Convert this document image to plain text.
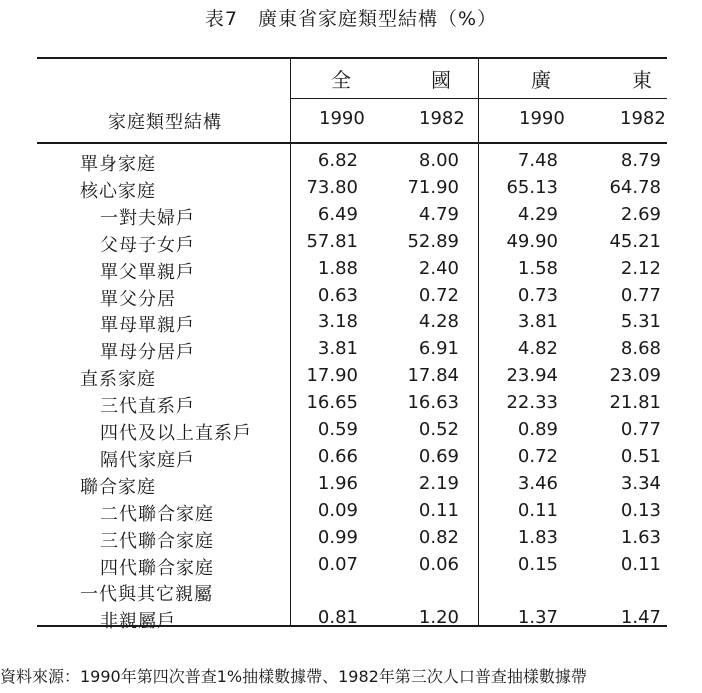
表7　廣東省家庭類型結構（%）
全	國	廣	東
家庭類型結構	1990	1982	1990	1982
單身家庭	6.82	8.00	7.48	8.79
核心家庭	73.80	71.90	65.13	64.78
一對夫婦戶	6.49	4.79	4.29	2.69
父母子女戶	57.81	52.89	49.90	45.21
單父單親戶	1.88	2.40	1.58	2.12
單父分居	0.63	0.72	0.73	0.77
單母單親戶	3.18	4.28	3.81	5.31
單母分居戶	3.81	6.91	4.82	8.68
直系家庭	17.90	17.84	23.94	23.09
三代直系戶	16.65	16.63	22.33	21.81
四代及以上直系戶	0.59	0.52	0.89	0.77
隔代家庭戶	0.66	0.69	0.72	0.51
聯合家庭	1.96	2.19	3.46	3.34
二代聯合家庭	0.09	0.11	0.11	0.13
三代聯合家庭	0.99	0.82	1.83	1.63
四代聯合家庭	0.07	0.06	0.15	0.11
一代與其它親屬
非親屬戶	0.81	1.20	1.37	1.47
資料來源：1990年第四次普查1%抽樣數據帶、1982年第三次人口普查抽樣數據帶
